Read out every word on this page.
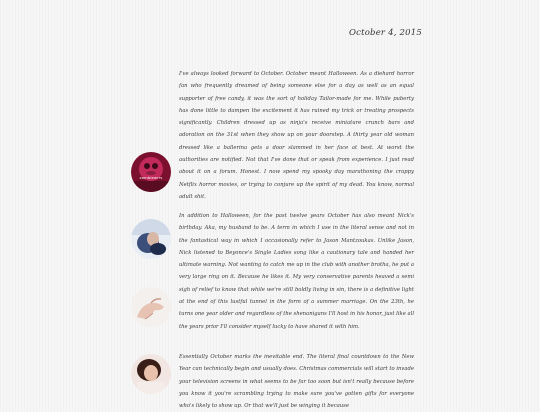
October 4, 2015
I've always looked forward to October. October meant Halloween. As a diehard horror fan who frequently dreamed of being someone else for a day as well as an equal supporter of free candy, it was the sort of holiday Tailor-made for me. While puberty has done little to dampen the excitement it has ruined my trick or treating prospects significantly. Children dressed up as ninja's receive miniature crunch bars and adoration on the 31st when they show up on your doorstep. A thirty year old woman dressed like a ballerina gets a door slammed in her face at best. At worst the authorities are notified. Not that I've done that or speak from experience. I just read about it on a forum. Honest. I now spend my spooky day marathoning the crappy Netflix horror movies, or trying to conjure up the spirit of my dead. You know, normal adult shit.
In addition to Halloween, for the past twelve years October has also meant Nick's birthday. Aka, my husband to be. A term in which I use in the literal sense and not in the fantastical way in which I occasionally refer to Jason Mantzoukas. Unlike Jason, Nick listened to Beyonce's Single Ladies song like a cautionary tale and handed her ultimate warning. Not wanting to catch me up in the club with another brotha, he put a very large ring on it. Because he likes it. My very conservative parents heaved a semi sigh of relief to know that while we're still boldly living in sin, there is a definitive light at the end of this lustful tunnel in the form of a summer marriage. On the 23th, he turns one year older and regardless of the shenanigans I'll host in his honor, just like all the years prior I'll consider myself lucky to have shared it with him.
Essentially October marks the inevitable end. The literal final countdown to the New Year can technically begin and usually does. Christmas commercials will start to invade your television screens in what seems to be far too soon but isn't really because before you know it you're scrambling trying to make sure you've gotten gifts for everyone who's likely to show up. Or that we'll just be winging it because
zombiewrrs
